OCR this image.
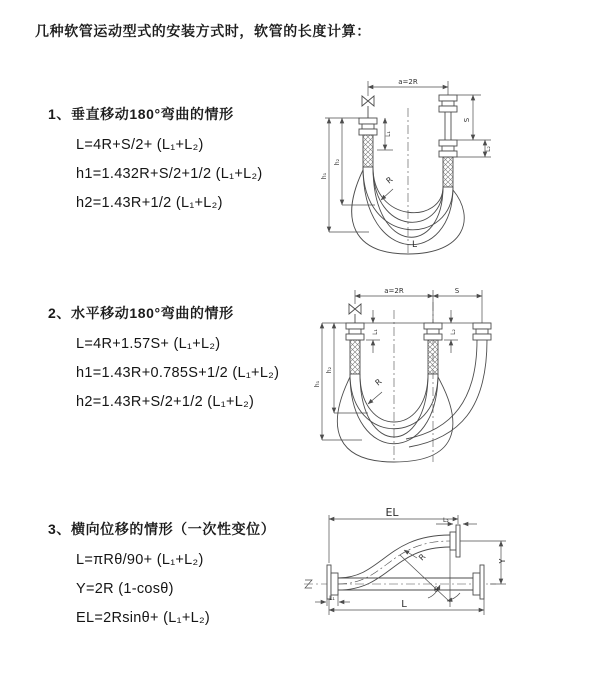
几种软管运动型式的安装方式时，软管的长度计算：
1、垂直移动180°弯曲的情形
L=4R+S/2+ (L₁+L₂)
h1=1.432R+S/2+1/2 (L₁+L₂)
h2=1.43R+1/2 (L₁+L₂)
2、水平移动180°弯曲的情形
L=4R+1.57S+ (L₁+L₂)
h1=1.43R+0.785S+1/2 (L₁+L₂)
h2=1.43R+S/2+1/2 (L₁+L₂)
3、横向位移的情形（一次性变位）
L=πRθ/90+ (L₁+L₂)
Y=2R (1-cosθ)
EL=2Rsinθ+ (L₁+L₂)
a=2R
S
L₂
L₁
h₂
h₁	R
L
a=2R	S
L₁	L₂
h₂
h₁	R
EL
L₂
Y
L
L₁
θ
R
